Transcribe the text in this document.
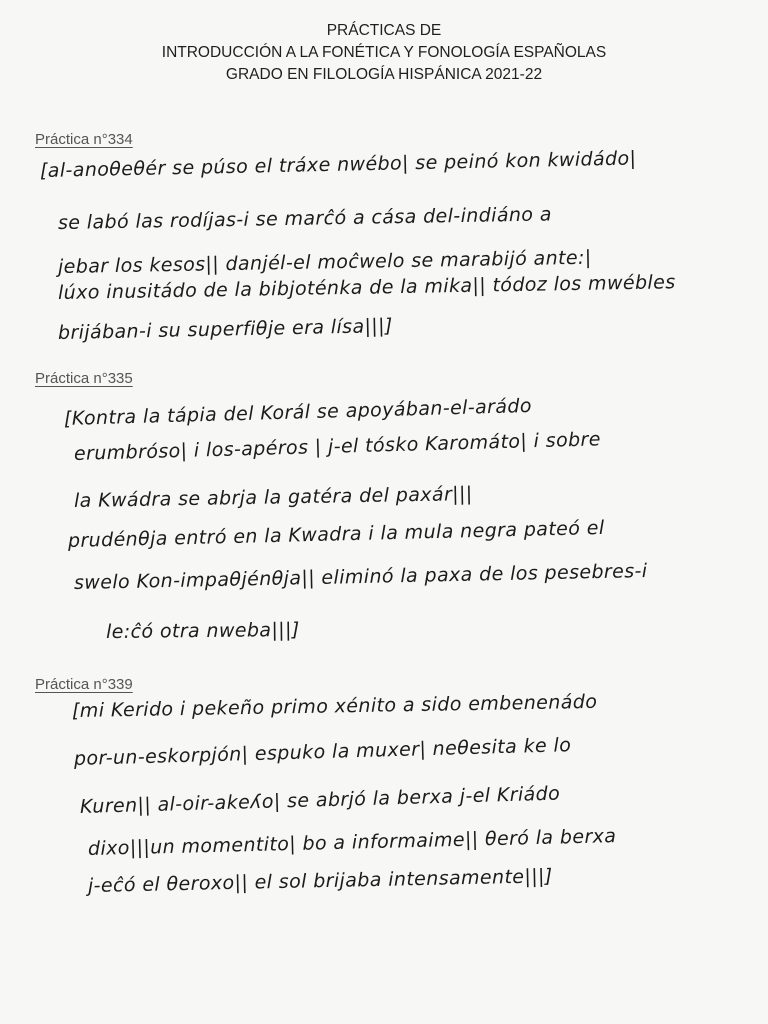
PRÁCTICAS DE
INTRODUCCIÓN A LA FONÉTICA Y FONOLOGÍA ESPAÑOLAS
GRADO EN FILOLOGÍA HISPÁNICA 2021-22
Práctica n°334
[al-anoθeθér se púso el tráxe nwébo| se peinó kon kwidádo|
se labó las rodíjas-i se marĉó a cása del-indiáno a
jebar los kesos|| danjél-el moĉwelo se marabijó ante:|
lúxo inusitádo de la bibjoténka de la mika|| tódoz los mwébles
brijában-i su superfiθje era lísa|||]
Práctica n°335
[Kontra la tápia del Korál se apoyában-el-arádo
erumbróso| i los-apéros | j-el tósko Karomáto| i sobre
la Kwádra se abrja la gatéra del paxár|||
prudénθja entró en la Kwadra i la mula negra pateó el
swelo Kon-impaθjénθja|| eliminó la paxa de los pesebres-i
le:ĉó otra nweba|||]
Práctica n°339
[mi Kerido i pekeño primo xénito a sido embenenádo
por-un-eskorpjón| espuko la muxer| neθesita ke lo
Kuren|| al-oir-akeʎo| se abrjó la berxa j-el Kriádo
dixo|||un momentito| bo a informaime|| θeró la berxa
j-eĉó el θeroxo|| el sol brijaba intensamente|||]
